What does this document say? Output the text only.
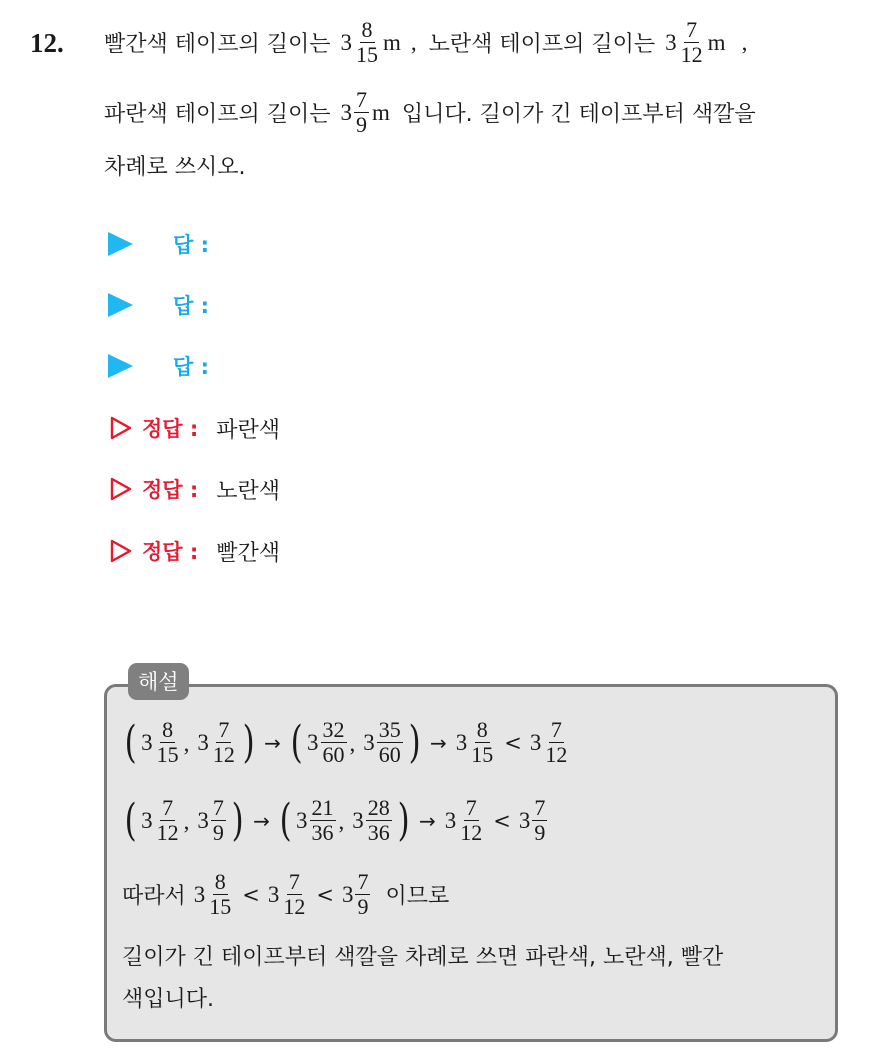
12. 빨간색 테이프의 길이는 $3 \frac{8}{15}$ m , 노란색 테이프의 길이는 $3 \frac{7}{12}$ m ,
파란색 테이프의 길이는 $3 \frac{7}{9}$ m 입니다. 길이가 긴 테이프부터 색깔을
차례로 쓰시오.
답 :
답 :
답 :
정답 : 파란색
정답 : 노란색
정답 : 빨간색
해설
( $3 \frac{8}{15}$ , $3 \frac{7}{12}$ ) → ( $3 \frac{32}{60}$ , $3 \frac{35}{60}$ ) → $3 \frac{8}{15} < 3 \frac{7}{12}$
( $3 \frac{7}{12}$ , $3 \frac{7}{9}$ ) → ( $3 \frac{21}{36}$ , $3 \frac{28}{36}$ ) → $3 \frac{7}{12} < 3 \frac{7}{9}$
따라서 $3 \frac{8}{15} < 3 \frac{7}{12} < 3 \frac{7}{9}$ 이므로
길이가 긴 테이프부터 색깔을 차례로 쓰면 파란색, 노란색, 빨간
색입니다.
